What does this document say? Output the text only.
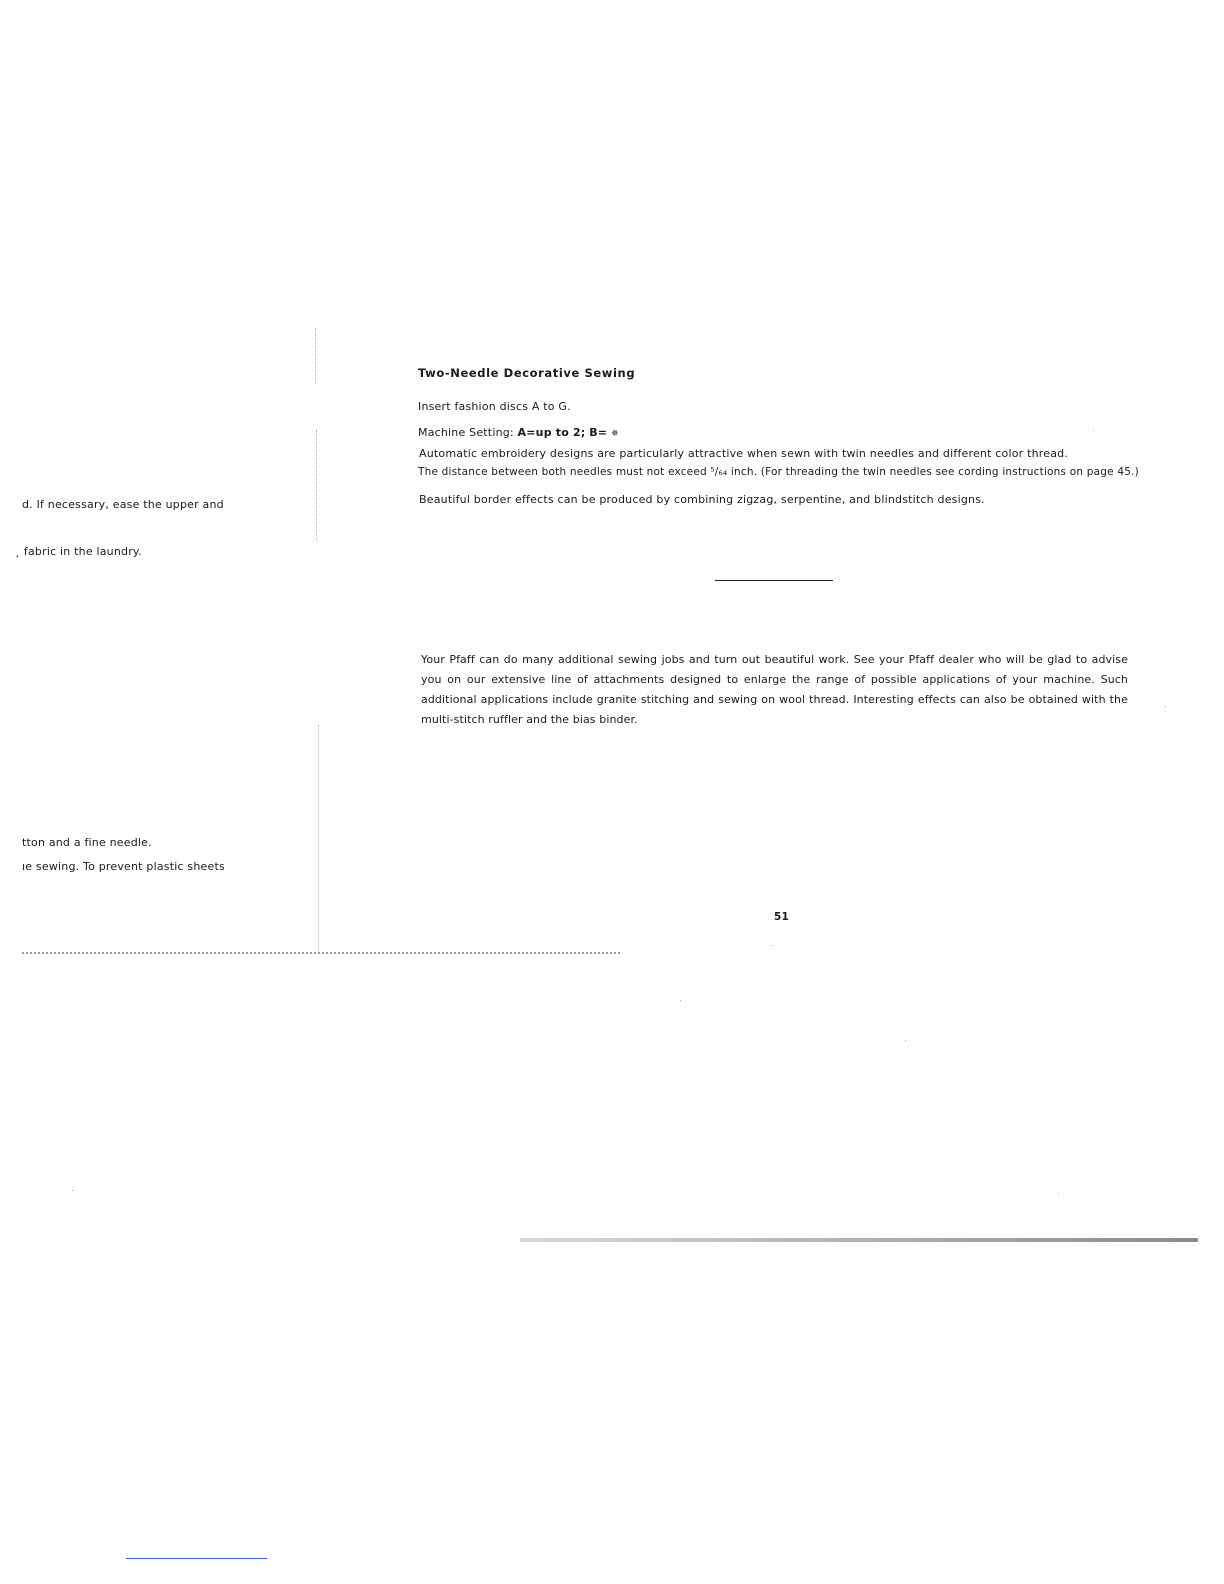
d. If necessary, ease the upper and
̧ fabric in the laundry.
tton and a fine needle.
ıe sewing. To prevent plastic sheets
Two-Needle Decorative Sewing
Insert fashion discs A to G.
Machine Setting: A=up to 2; B= ✵
Automatic embroidery designs are particularly attractive when sewn with twin needles and different color thread.
The distance between both needles must not exceed ⁵/₆₄ inch. (For threading the twin needles see cording instructions on page 45.)
Beautiful border effects can be produced by combining zigzag, serpentine, and blindstitch designs.
Your Pfaff can do many additional sewing jobs and turn out beautiful work. See your Pfaff dealer who will be glad to advise you on our extensive line of attachments designed to enlarge the range of possible applications of your machine. Such additional applications include granite stitching and sewing on wool thread. Interesting effects can also be obtained with the multi-stitch ruffler and the bias binder.
51
